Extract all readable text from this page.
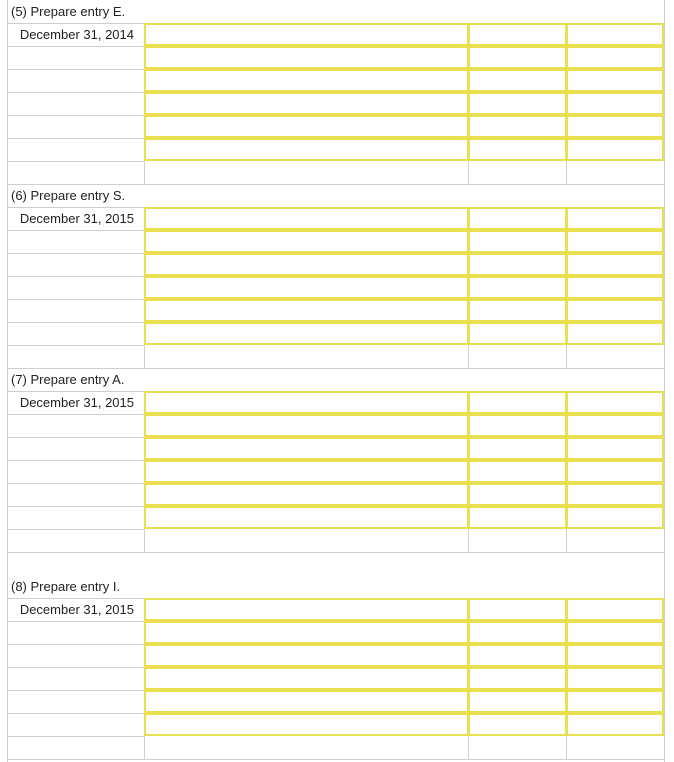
(5) Prepare entry E.
December 31, 2014
(6) Prepare entry S.
December 31, 2015
(7) Prepare entry A.
December 31, 2015
(8) Prepare entry I.
December 31, 2015
